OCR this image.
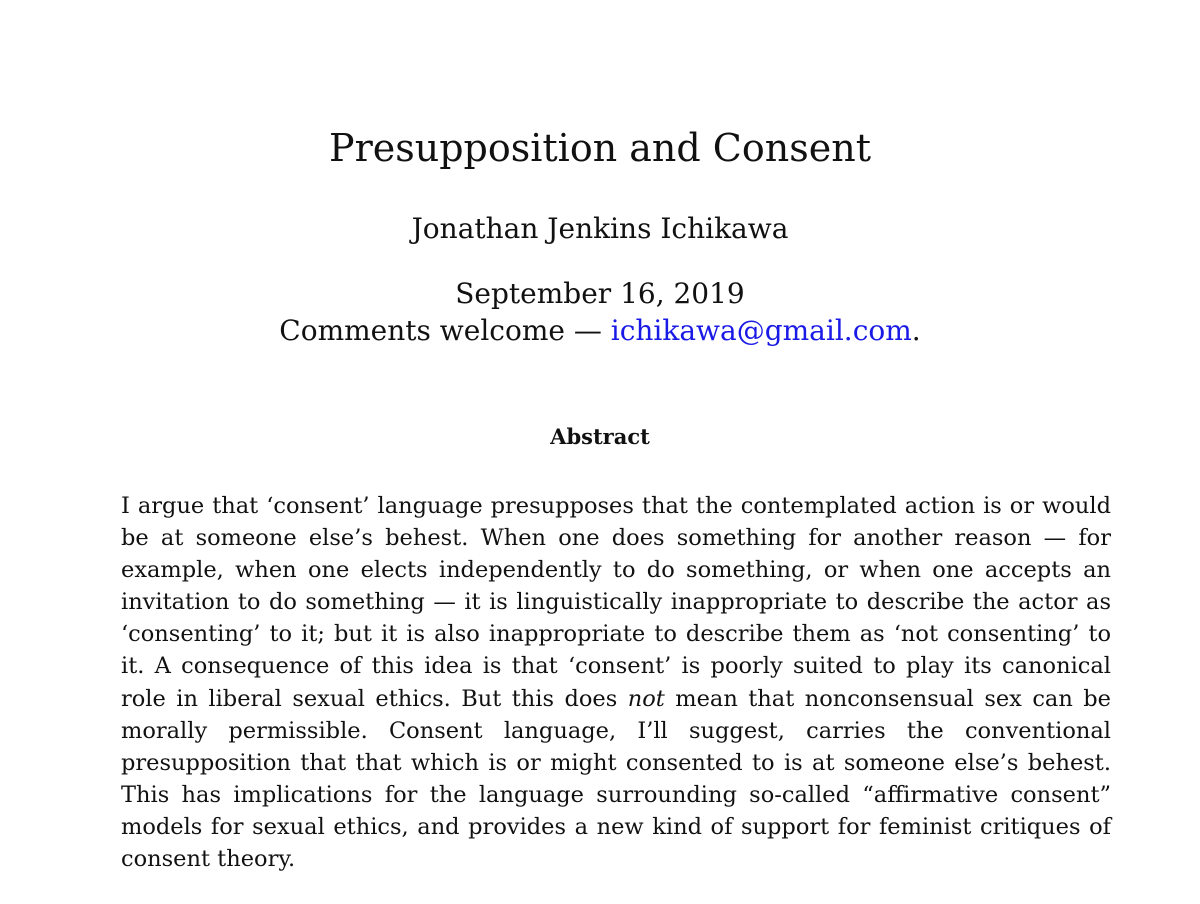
Presupposition and Consent
Jonathan Jenkins Ichikawa
September 16, 2019
Comments welcome — ichikawa@gmail.com.
Abstract

I argue that ‘consent’ language presupposes that the contemplated action is or would be at someone else’s behest. When one does something for another reason — for example, when one elects independently to do something, or when one accepts an invitation to do something — it is linguistically inappropriate to describe the actor as ‘consenting’ to it; but it is also inappropriate to describe them as ‘not consenting’ to it. A consequence of this idea is that ‘consent’ is poorly suited to play its canonical role in liberal sexual ethics. But this does not mean that nonconsensual sex can be morally permissible. Consent language, I’ll suggest, carries the conventional presupposition that that which is or might consented to is at someone else’s behest. This has implications for the language surrounding so-called “affirmative consent” models for sexual ethics, and provides a new kind of support for feminist critiques of consent theory.
